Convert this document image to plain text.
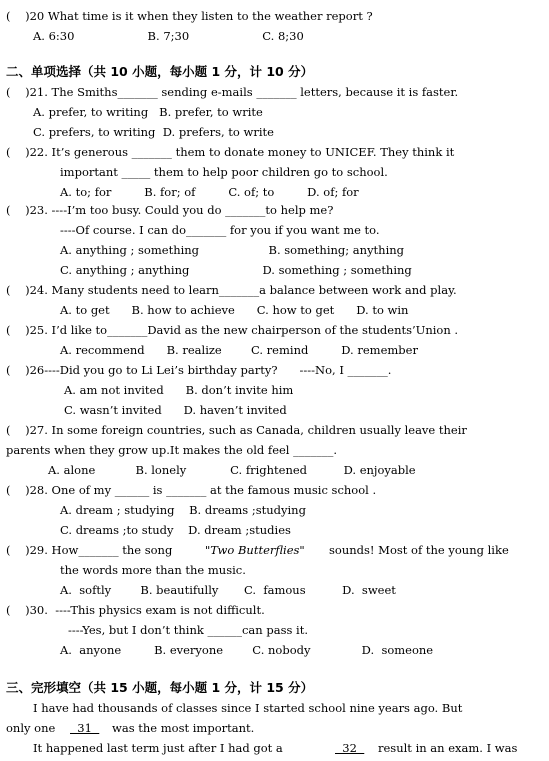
(    )20 What time is it when they listen to the weather report ?
A. 6:30                    B. 7;30                    C. 8;30
二、单项选择（共 10 小题，每小题 1 分，计 10 分）
(    )21. The Smiths_______ sending e-mails _______ letters, because it is faster.
A. prefer, to writing   B. prefer, to write
C. prefers, to writing  D. prefers, to write
(    )22. It’s generous _______ them to donate money to UNICEF. They think it
important _____ them to help poor children go to school.
A. to; for         B. for; of         C. of; to         D. of; for
(    )23. ----I’m too busy. Could you do _______to help me?
----Of course. I can do_______ for you if you want me to.
A. anything ; something                   B. something; anything
C. anything ; anything                    D. something ; something
(    )24. Many students need to learn_______a balance between work and play.
A. to get      B. how to achieve      C. how to get      D. to win
(    )25. I’d like to_______David as the new chairperson of the students’Union .
A. recommend      B. realize        C. remind         D. remember
(    )26----Did you go to Li Lei’s birthday party?      ----No, I _______.
A. am not invited      B. don’t invite him
C. wasn’t invited      D. haven’t invited
(    )27. In some foreign countries, such as Canada, children usually leave their
parents when they grow up.It makes the old feel _______.
A. alone           B. lonely            C. frightened          D. enjoyable
(    )28. One of my ______ is _______ at the famous music school .
A. dream ; studying    B. dreams ;studying
C. dreams ;to study    D. dream ;studies
(    )29. How_______ the song	"Two Butterflies" sounds! Most of the young like
the words more than the music.
A.  softly        B. beautifully       C.  famous          D.  sweet
(    )30.  ----This physics exam is not difficult.
----Yes, but I don’t think ______can pass it.
A.  anyone         B. everyone        C. nobody              D.  someone
三、完形填空（共 15 小题，每小题 1 分，计 15 分）
I have had thousands of classes since I started school nine years ago. But
only one 31 was the most important.
It happened last term just after I had got a	32 result in an exam. I was
